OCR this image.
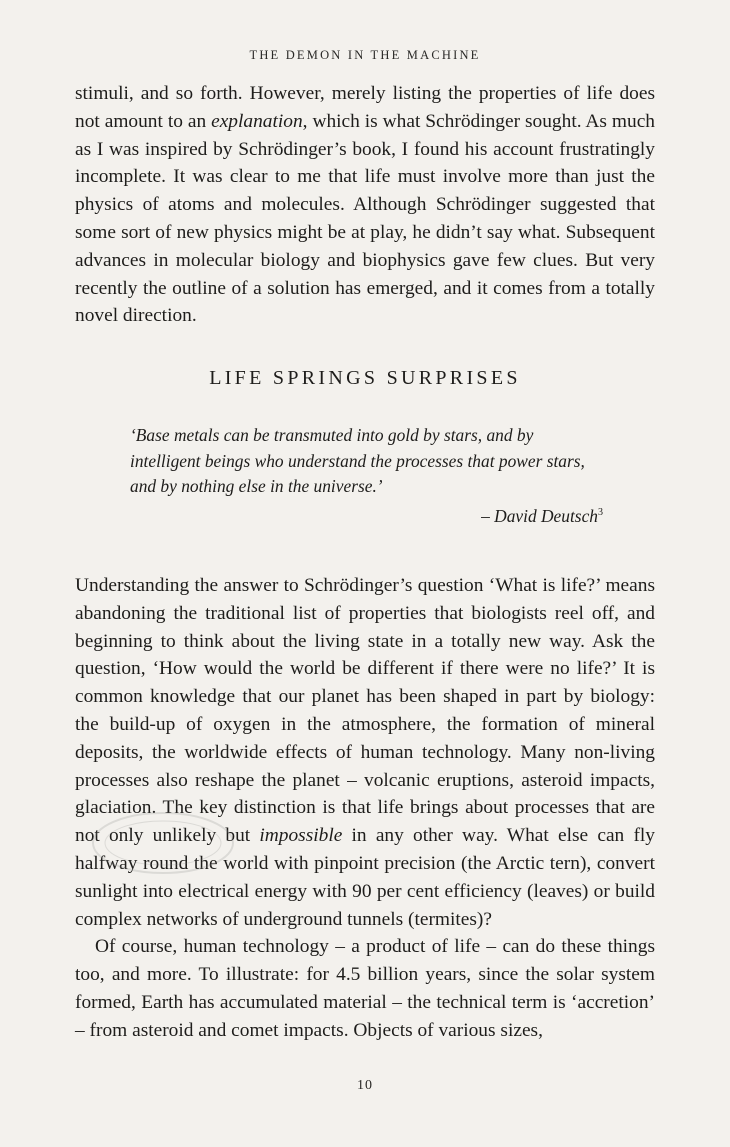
THE DEMON IN THE MACHINE

stimuli, and so forth. However, merely listing the properties of life does not amount to an explanation, which is what Schrödinger sought. As much as I was inspired by Schrödinger’s book, I found his account frustratingly incomplete. It was clear to me that life must involve more than just the physics of atoms and molecules. Although Schrödinger suggested that some sort of new physics might be at play, he didn’t say what. Subsequent advances in molecular biology and biophysics gave few clues. But very recently the outline of a solution has emerged, and it comes from a totally novel direction.

LIFE SPRINGS SURPRISES

‘Base metals can be transmuted into gold by stars, and by intelligent beings who understand the processes that power stars, and by nothing else in the universe.’

– David Deutsch$^3$

Understanding the answer to Schrödinger’s question ‘What is life?’ means abandoning the traditional list of properties that biologists reel off, and beginning to think about the living state in a totally new way. Ask the question, ‘How would the world be different if there were no life?’ It is common knowledge that our planet has been shaped in part by biology: the build-up of oxygen in the atmosphere, the formation of mineral deposits, the worldwide effects of human technology. Many non-living processes also reshape the planet – volcanic eruptions, asteroid impacts, glaciation. The key distinction is that life brings about processes that are not only unlikely but impossible in any other way. What else can fly halfway round the world with pinpoint precision (the Arctic tern), convert sunlight into electrical energy with 90 per cent efficiency (leaves) or build complex networks of underground tunnels (termites)?

Of course, human technology – a product of life – can do these things too, and more. To illustrate: for 4.5 billion years, since the solar system formed, Earth has accumulated material – the technical term is ‘accretion’ – from asteroid and comet impacts. Objects of various sizes,

10
